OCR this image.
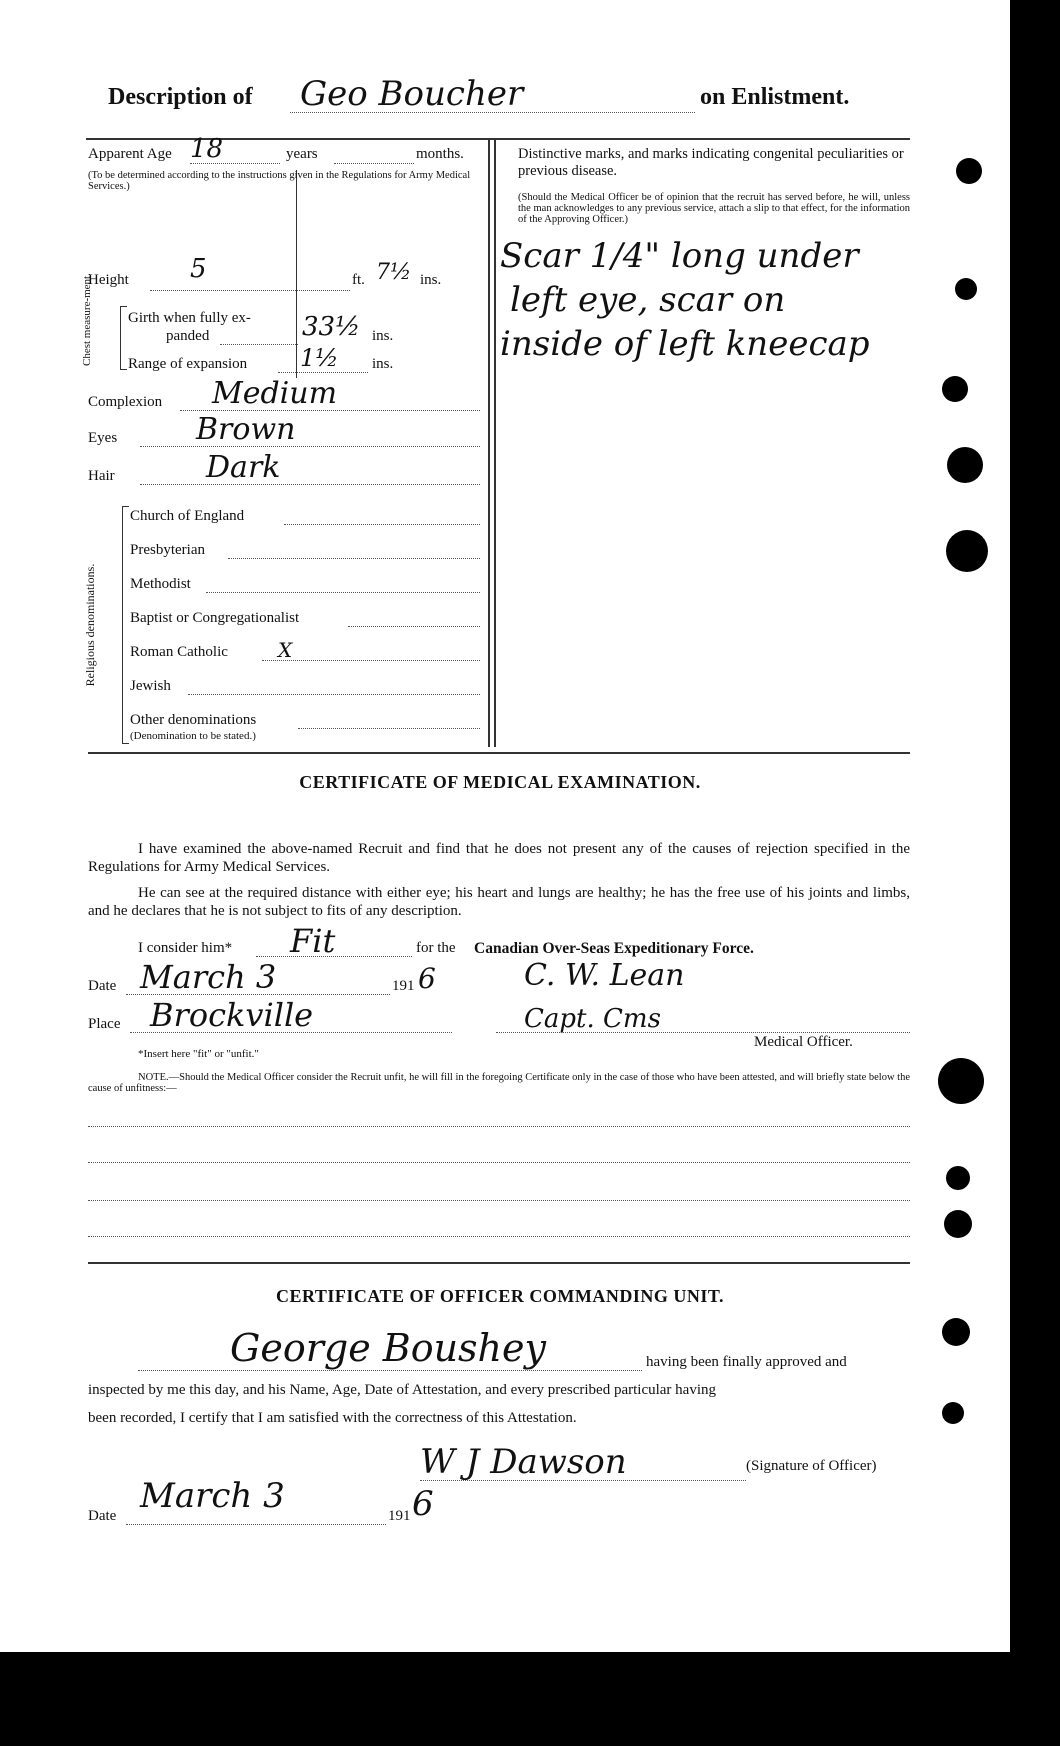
Description of Geo Boucher	on Enlistment.
Apparent Age 18	years	months.
(To be determined according to the instructions given in the Regulations for Army Medical Services.)
Height 5	ft. 7½ ins.
Chest measure-ment. Girth when fully ex-
panded	33½ ins.
Range of expansion 1½ ins.
Complexion Medium
Eyes	Brown
Hair	Dark
Religious denominations.
Church of England
Presbyterian
Methodist
Baptist or Congregationalist
Roman Catholic	X
Jewish
Other denominations
(Denomination to be stated.)
Distinctive marks, and marks indicating congenital peculiarities or previous disease.
(Should the Medical Officer be of opinion that the recruit has served before, he will, unless the man acknowledges to any previous service, attach a slip to that effect, for the information of the Approving Officer.)
Scar 1/4" long under
left eye, scar on
inside of left kneecap
CERTIFICATE OF MEDICAL EXAMINATION.
I have examined the above-named Recruit and find that he does not present any of the causes of rejection specified in the Regulations for Army Medical Services.
He can see at the required distance with either eye; his heart and lungs are healthy; he has the free use of his joints and limbs, and he declares that he is not subject to fits of any description.
I consider him* Fit	for the Canadian Over-Seas Expeditionary Force.
Date March 3	191 6	C. W. Lean
Place Brockville	Capt. Cms
Medical Officer.
*Insert here "fit" or "unfit."
NOTE.—Should the Medical Officer consider the Recruit unfit, he will fill in the foregoing Certificate only in the case of those who have been attested, and will briefly state below the cause of unfitness:—
CERTIFICATE OF OFFICER COMMANDING UNIT.
George Boushey	having been finally approved and
inspected by me this day, and his Name, Age, Date of Attestation, and every prescribed particular having
been recorded, I certify that I am satisfied with the correctness of this Attestation.
W J Dawson	(Signature of Officer)
Date March 3	191 6
